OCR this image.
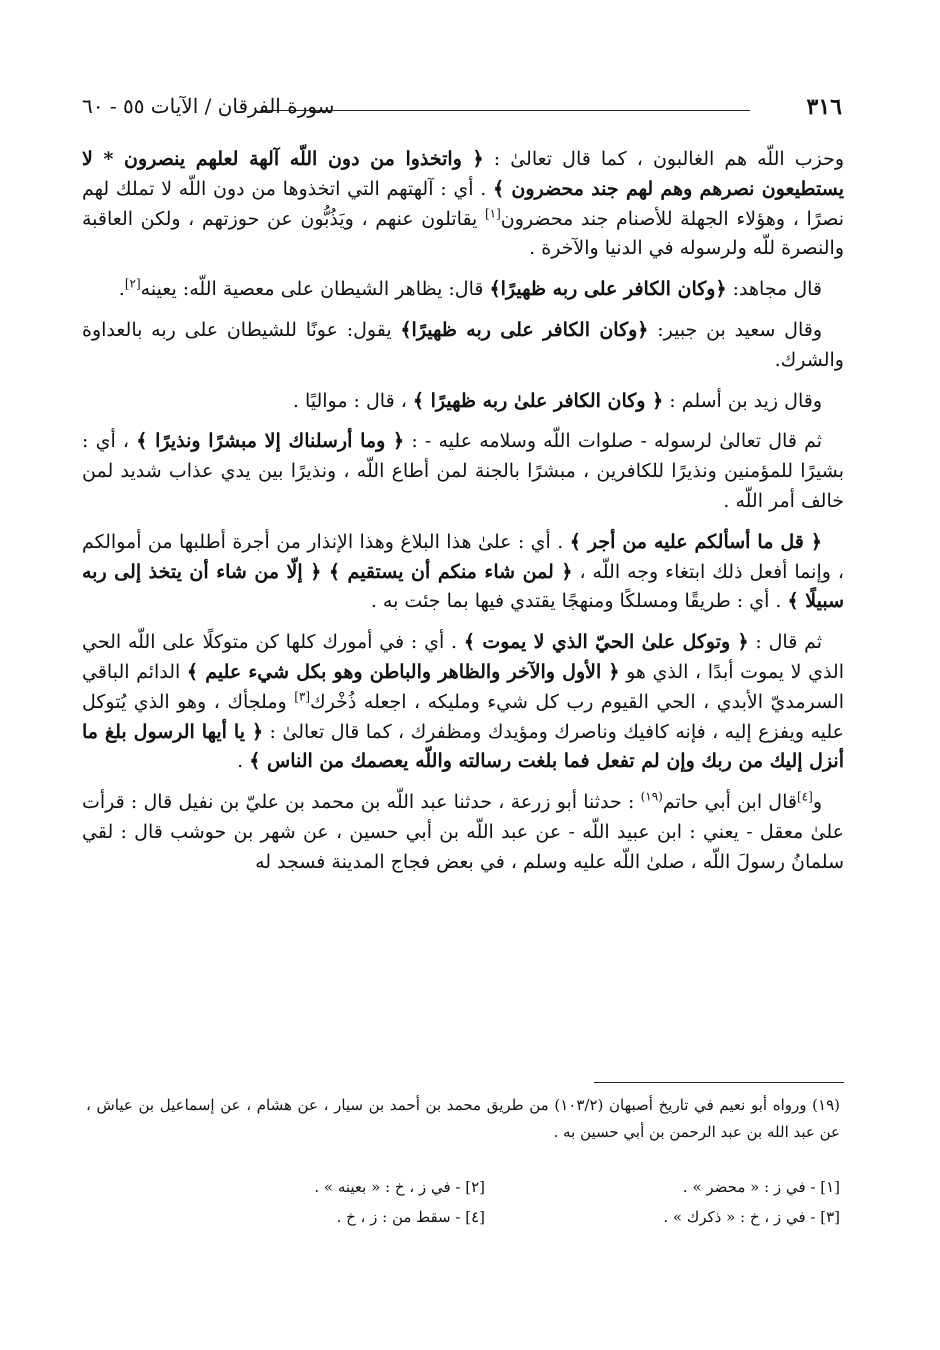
٣١٦
سورة الفرقان / الآيات ٥٥ - ٦٠

وحزب اللّه هم الغالبون ، كما قال تعالىٰ : ﴿ واتخذوا من دون اللّه آلهة لعلهم ينصرون * لا يستطيعون نصرهم وهم لهم جند محضرون ﴾ . أي : آلهتهم التي اتخذوها من دون اللّه لا تملك لهم نصرًا ، وهؤلاء الجهلة للأصنام جند محضرون[١] يقاتلون عنهم ، ويَذُبُّون عن حوزتهم ، ولكن العاقبة والنصرة للّه ولرسوله في الدنيا والآخرة .

قال مجاهد: ﴿وكان الكافر على ربه ظهيرًا﴾ قال: يظاهر الشيطان على معصية اللّه: يعينه[٢].

وقال سعيد بن جبير: ﴿وكان الكافر على ربه ظهيرًا﴾ يقول: عونًا للشيطان على ربه بالعداوة والشرك.

وقال زيد بن أسلم : ﴿ وكان الكافر علىٰ ربه ظهيرًا ﴾ ، قال : مواليًا .

ثم قال تعالىٰ لرسوله - صلوات اللّه وسلامه عليه - : ﴿ وما أرسلناك إلا مبشرًا ونذيرًا ﴾ ، أي : بشيرًا للمؤمنين ونذيرًا للكافرين ، مبشرًا بالجنة لمن أطاع اللّه ، ونذيرًا بين يدي عذاب شديد لمن خالف أمر اللّه .

﴿ قل ما أسألكم عليه من أجر ﴾ . أي : علىٰ هذا البلاغ وهذا الإنذار من أجرة أطلبها من أموالكم ، وإنما أفعل ذلك ابتغاء وجه اللّه ، ﴿ لمن شاء منكم أن يستقيم ﴾ ﴿ إلّا من شاء أن يتخذ إلى ربه سبيلًا ﴾ . أي : طريقًا ومسلكًا ومنهجًا يقتدي فيها بما جئت به .

ثم قال : ﴿ وتوكل علىٰ الحيّ الذي لا يموت ﴾ . أي : في أمورك كلها كن متوكلًا على اللّه الحي الذي لا يموت أبدًا ، الذي هو ﴿ الأول والآخر والظاهر والباطن وهو بكل شيء عليم ﴾ الدائم الباقي السرمديّ الأبدي ، الحي القيوم رب كل شيء ومليكه ، اجعله ذُخْرك[٣] وملجأك ، وهو الذي يُتوكل عليه ويفزع إليه ، فإنه كافيك وناصرك ومؤيدك ومظفرك ، كما قال تعالىٰ : ﴿ يا أيها الرسول بلغ ما أنزل إليك من ربك وإن لم تفعل فما بلغت رسالته واللّه يعصمك من الناس ﴾ .

و[٤]قال ابن أبي حاتم$^{(١٩)}$ : حدثنا أبو زرعة ، حدثنا عبد اللّه بن محمد بن عليّ بن نفيل قال : قرأت علىٰ معقل - يعني : ابن عبيد اللّه - عن عبد اللّه بن أبي حسين ، عن شهر بن حوشب قال : لقي سلمانُ رسولَ اللّه ، صلىٰ اللّه عليه وسلم ، في بعض فجاج المدينة فسجد له

(١٩) ورواه أبو نعيم في تاريخ أصبهان (١٠٣/٢) من طريق محمد بن أحمد بن سيار ، عن هشام ، عن إسماعيل بن عياش ، عن عبد الله بن عبد الرحمن بن أبي حسين به .
[١] - في ز : « محضر » .[٢] - في ز ، خ : « بعينه » .[٣] - في ز ، خ : « ذكرك » .[٤] - سقط من : ز ، خ .
